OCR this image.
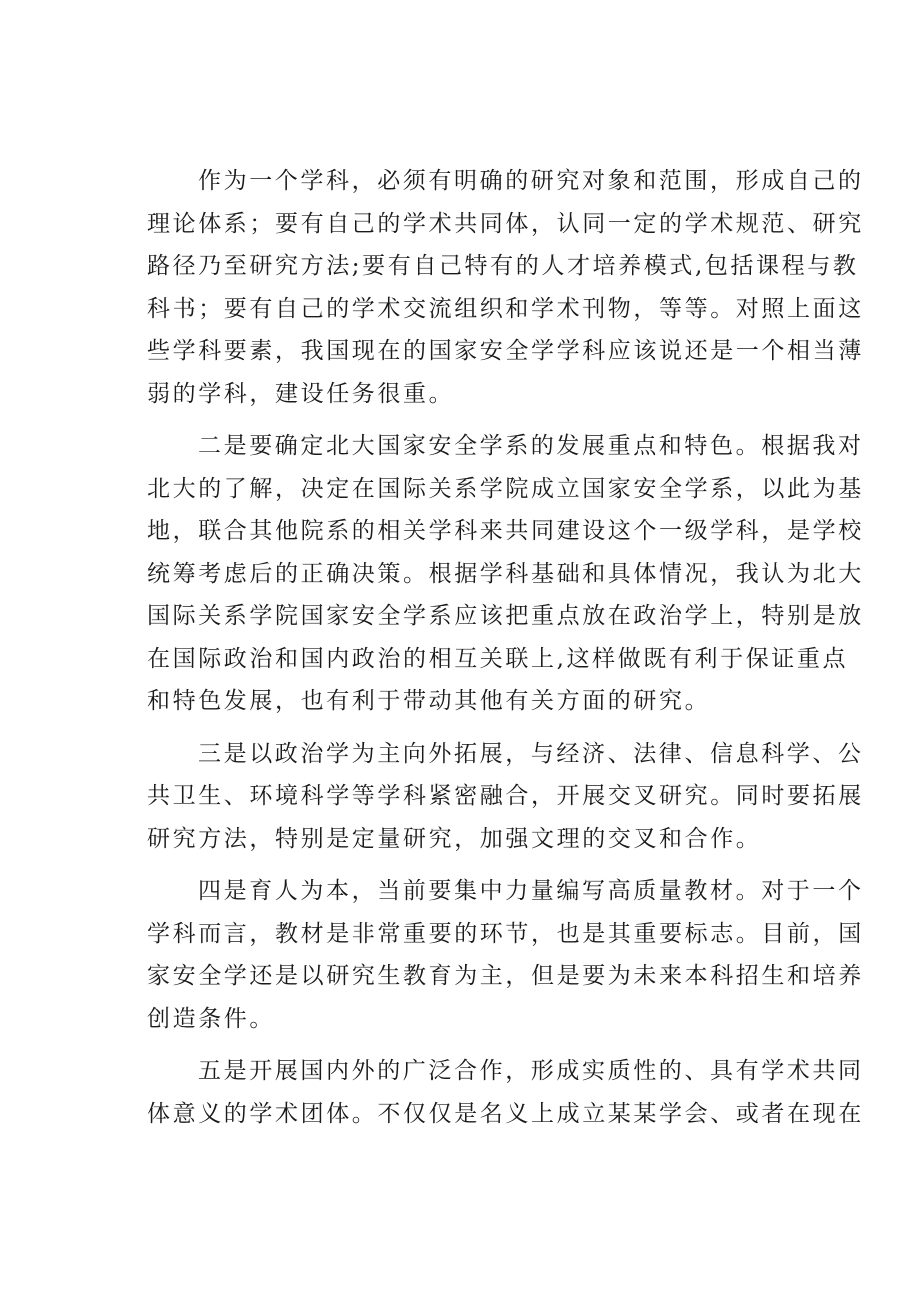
作为一个学科，必须有明确的研究对象和范围，形成自己的
理论体系；要有自己的学术共同体，认同一定的学术规范、研究
路径乃至研究方法;要有自己特有的人才培养模式,包括课程与教
科书；要有自己的学术交流组织和学术刊物，等等。对照上面这
些学科要素，我国现在的国家安全学学科应该说还是一个相当薄
弱的学科，建设任务很重。
二是要确定北大国家安全学系的发展重点和特色。根据我对
北大的了解，决定在国际关系学院成立国家安全学系，以此为基
地，联合其他院系的相关学科来共同建设这个一级学科，是学校
统筹考虑后的正确决策。根据学科基础和具体情况，我认为北大
国际关系学院国家安全学系应该把重点放在政治学上，特别是放
在国际政治和国内政治的相互关联上,这样做既有利于保证重点
和特色发展，也有利于带动其他有关方面的研究。
三是以政治学为主向外拓展，与经济、法律、信息科学、公
共卫生、环境科学等学科紧密融合，开展交叉研究。同时要拓展
研究方法，特别是定量研究，加强文理的交叉和合作。
四是育人为本，当前要集中力量编写高质量教材。对于一个
学科而言，教材是非常重要的环节，也是其重要标志。目前，国
家安全学还是以研究生教育为主，但是要为未来本科招生和培养
创造条件。
五是开展国内外的广泛合作，形成实质性的、具有学术共同
体意义的学术团体。不仅仅是名义上成立某某学会、或者在现在
